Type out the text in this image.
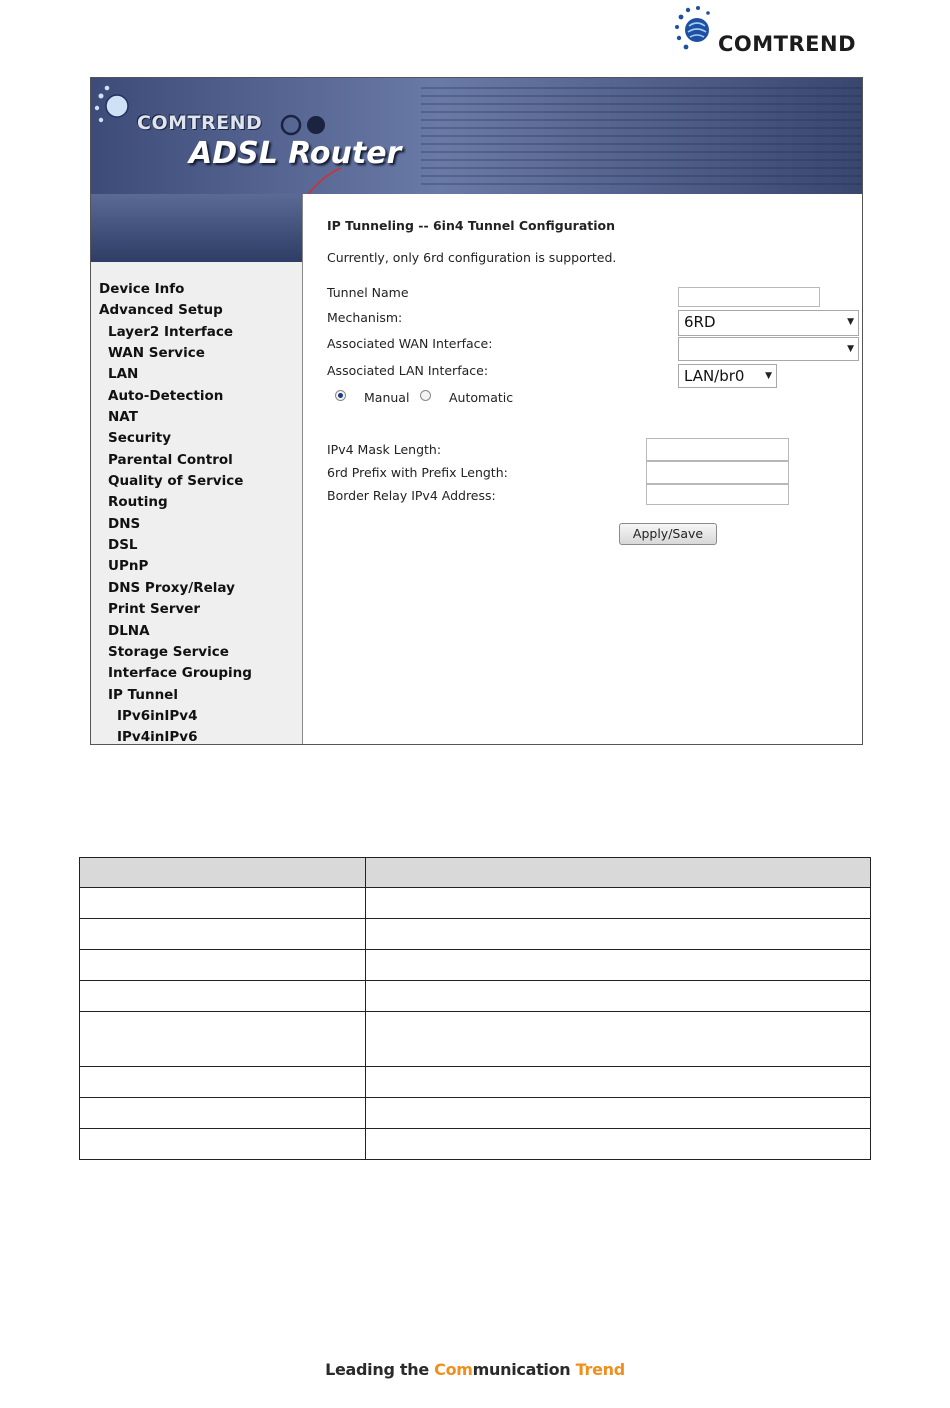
COMTREND
COMTREND
ADSL Router
Device Info
Advanced Setup
Layer2 Interface
WAN Service
LAN
Auto-Detection
NAT
Security
Parental Control
Quality of Service
Routing
DNS
DSL
UPnP
DNS Proxy/Relay
Print Server
DLNA
Storage Service
Interface Grouping
IP Tunnel
IPv6inIPv4
IPv4inIPv6
IP Tunneling -- 6in4 Tunnel Configuration
Currently, only 6rd configuration is supported.
Tunnel Name
Mechanism:	6RD	▼
Associated WAN Interface:	▼
Associated LAN Interface:	LAN/br0 ▼
Manual	Automatic
IPv4 Mask Length:
6rd Prefix with Prefix Length:
Border Relay IPv4 Address:
Apply/Save

Leading the Communication Trend
